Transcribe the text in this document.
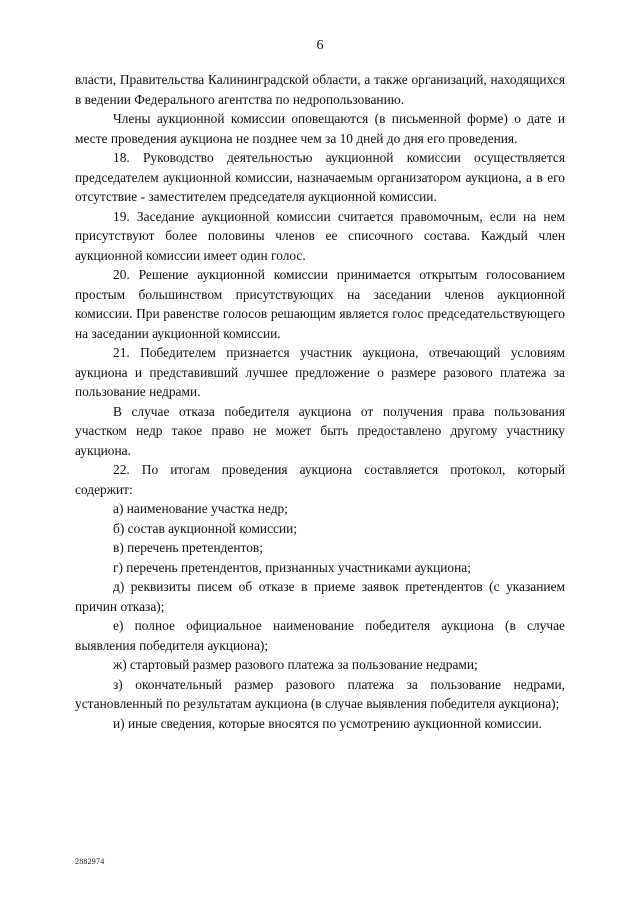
6

власти, Правительства Калининградской области, а также организаций, находящихся в ведении Федерального агентства по недропользованию.

Члены аукционной комиссии оповещаются (в письменной форме) о дате и месте проведения аукциона не позднее чем за 10 дней до дня его проведения.

18. Руководство деятельностью аукционной комиссии осуществляется председателем аукционной комиссии, назначаемым организатором аукциона, а в его отсутствие - заместителем председателя аукционной комиссии.

19. Заседание аукционной комиссии считается правомочным, если на нем присутствуют более половины членов ее списочного состава. Каждый член аукционной комиссии имеет один голос.

20. Решение аукционной комиссии принимается открытым голосованием простым большинством присутствующих на заседании членов аукционной комиссии. При равенстве голосов решающим является голос председательствующего на заседании аукционной комиссии.

21. Победителем признается участник аукциона, отвечающий условиям аукциона и представивший лучшее предложение о размере разового платежа за пользование недрами.

В случае отказа победителя аукциона от получения права пользования участком недр такое право не может быть предоставлено другому участнику аукциона.

22. По итогам проведения аукциона составляется протокол, который содержит:

а) наименование участка недр;

б) состав аукционной комиссии;

в) перечень претендентов;

г) перечень претендентов, признанных участниками аукциона;

д) реквизиты писем об отказе в приеме заявок претендентов (с указанием причин отказа);

е) полное официальное наименование победителя аукциона (в случае выявления победителя аукциона);

ж) стартовый размер разового платежа за пользование недрами;

з) окончательный размер разового платежа за пользование недрами, установленный по результатам аукциона (в случае выявления победителя аукциона);

и) иные сведения, которые вносятся по усмотрению аукционной комиссии.

2882974
